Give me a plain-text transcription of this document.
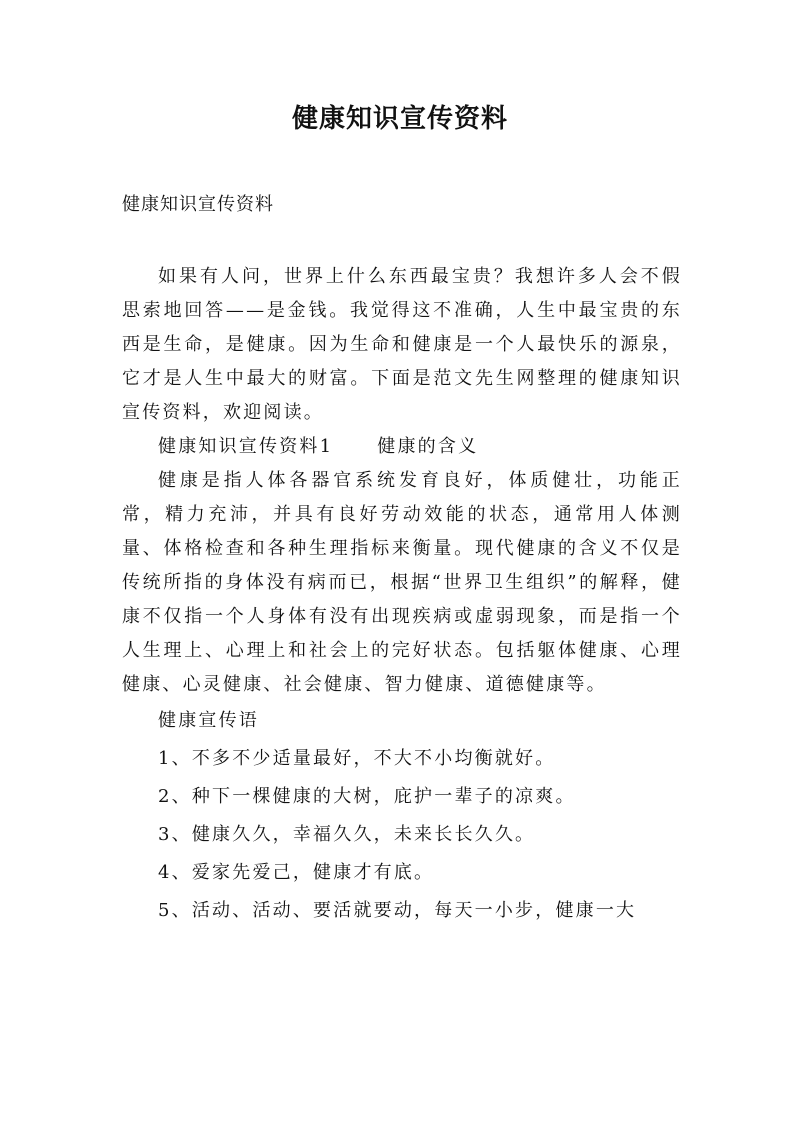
健康知识宣传资料
健康知识宣传资料

如果有人问，世界上什么东西最宝贵？我想许多人会不假思索地回答——是金钱。我觉得这不准确，人生中最宝贵的东西是生命，是健康。因为生命和健康是一个人最快乐的源泉，它才是人生中最大的财富。下面是范文先生网整理的健康知识宣传资料，欢迎阅读。

健康知识宣传资料1 健康的含义

健康是指人体各器官系统发育良好，体质健壮，功能正常，精力充沛，并具有良好劳动效能的状态，通常用人体测量、体格检查和各种生理指标来衡量。现代健康的含义不仅是传统所指的身体没有病而已，根据“世界卫生组织”的解释，健康不仅指一个人身体有没有出现疾病或虚弱现象，而是指一个人生理上、心理上和社会上的完好状态。包括躯体健康、心理健康、心灵健康、社会健康、智力健康、道德健康等。

健康宣传语

1、不多不少适量最好，不大不小均衡就好。

2、种下一棵健康的大树，庇护一辈子的凉爽。

3、健康久久，幸福久久，未来长长久久。

4、爱家先爱己，健康才有底。

5、活动、活动、要活就要动，每天一小步，健康一大
